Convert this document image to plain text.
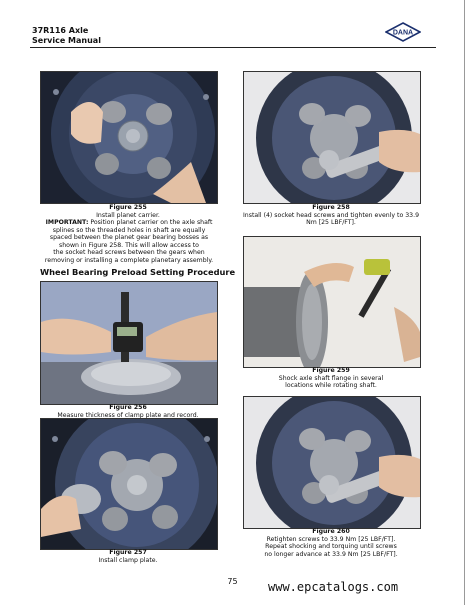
37R116 Axle
Service Manual
DANA
Figure 255
Install planet carrier.
IMPORTANT: Position planet carrier on the axle shaft
splines so the threaded holes in shaft are equally
spaced between the planet gear bearing bosses as
shown in Figure 258. This will allow access to
the socket head screws between the gears when
removing or installing a complete planetary assembly.
Wheel Bearing Preload Setting Procedure
Figure 256
Measure thickness of clamp plate and record.
Figure 257
Install clamp plate.
Figure 258
Install (4) socket head screws and tighten evenly to 33.9
Nm [25 LBF/FT].
Figure 259
Shock axle shaft flange in several
locations while rotating shaft.
Figure 260
Retighten screws to 33.9 Nm [25 LBF/FT].
Repeat shocking and torquing until screws
no longer advance at 33.9 Nm [25 LBF/FT].
75	www.epcatalogs.com
